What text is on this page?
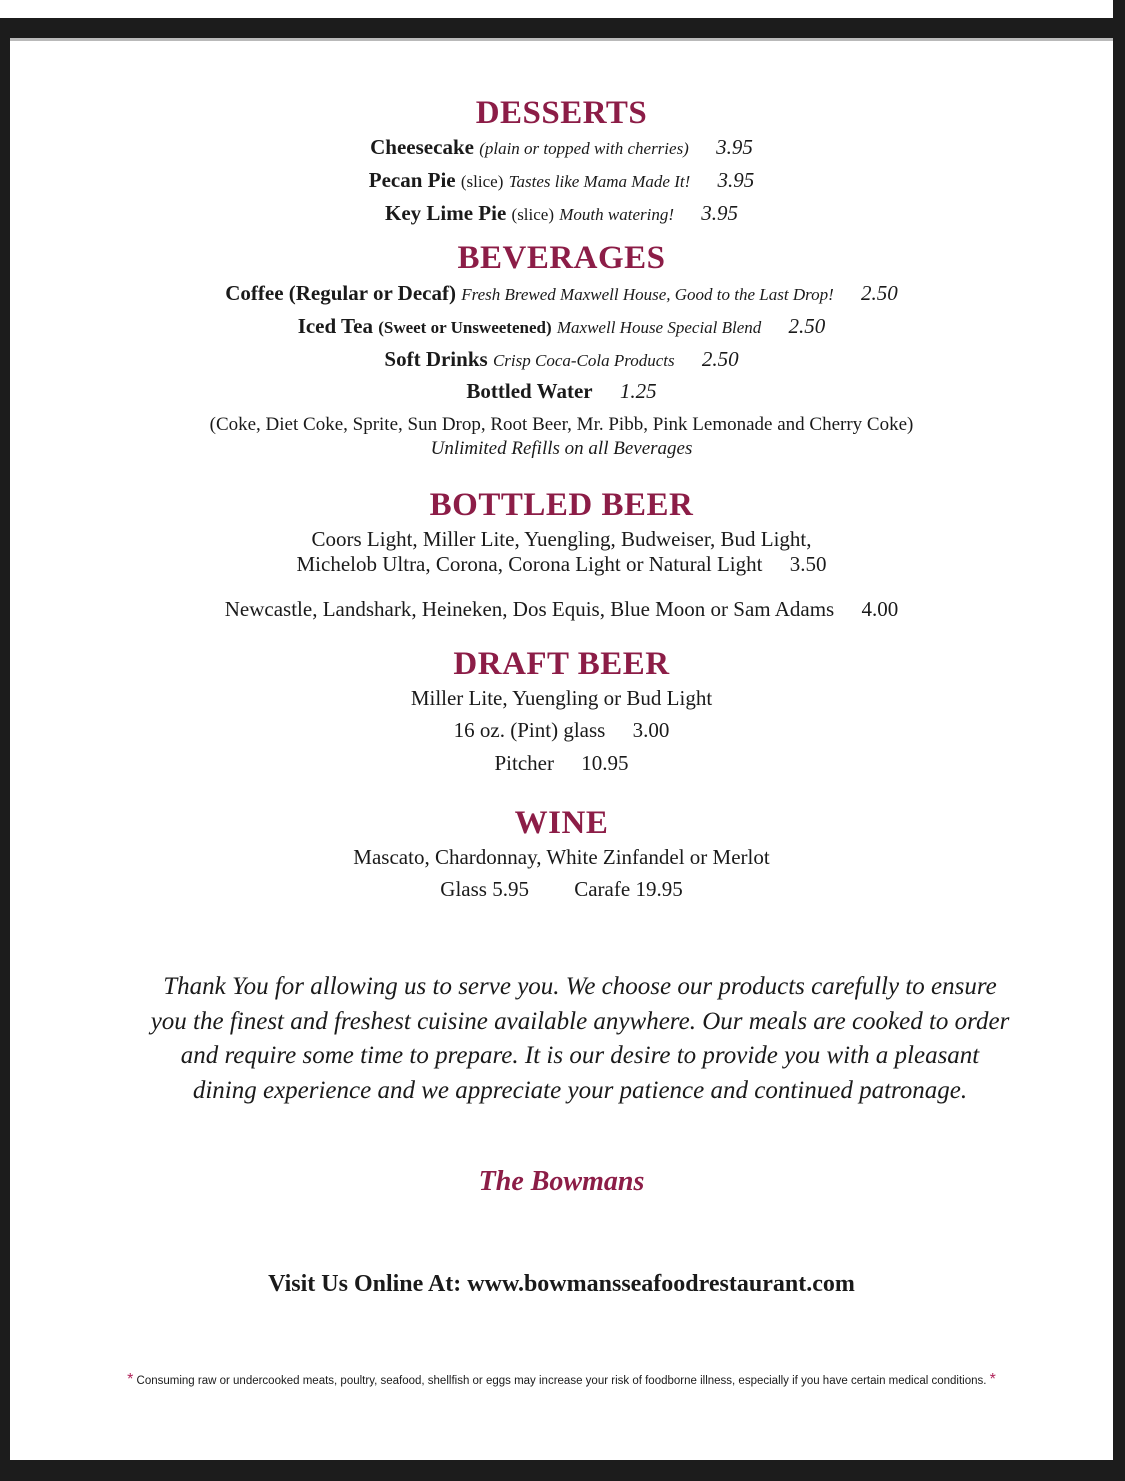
DESSERTS
Cheesecake (plain or topped with cherries) 3.95
Pecan Pie (slice) Tastes like Mama Made It! 3.95
Key Lime Pie (slice) Mouth watering! 3.95
BEVERAGES
Coffee (Regular or Decaf) Fresh Brewed Maxwell House, Good to the Last Drop! 2.50
Iced Tea (Sweet or Unsweetened) Maxwell House Special Blend 2.50
Soft Drinks Crisp Coca-Cola Products 2.50
Bottled Water 1.25
(Coke, Diet Coke, Sprite, Sun Drop, Root Beer, Mr. Pibb, Pink Lemonade and Cherry Coke)
Unlimited Refills on all Beverages
BOTTLED BEER
Coors Light, Miller Lite, Yuengling, Budweiser, Bud Light,
Michelob Ultra, Corona, Corona Light or Natural Light 3.50
Newcastle, Landshark, Heineken, Dos Equis, Blue Moon or Sam Adams 4.00
DRAFT BEER
Miller Lite, Yuengling or Bud Light
16 oz. (Pint) glass 3.00
Pitcher 10.95
WINE
Mascato, Chardonnay, White Zinfandel or Merlot
Glass 5.95 Carafe 19.95
Thank You for allowing us to serve you. We choose our products carefully to ensure
you the finest and freshest cuisine available anywhere. Our meals are cooked to order
and require some time to prepare. It is our desire to provide you with a pleasant
dining experience and we appreciate your patience and continued patronage.
The Bowmans
Visit Us Online At: www.bowmansseafoodrestaurant.com
* Consuming raw or undercooked meats, poultry, seafood, shellfish or eggs may increase your risk of foodborne illness, especially if you have certain medical conditions. *
